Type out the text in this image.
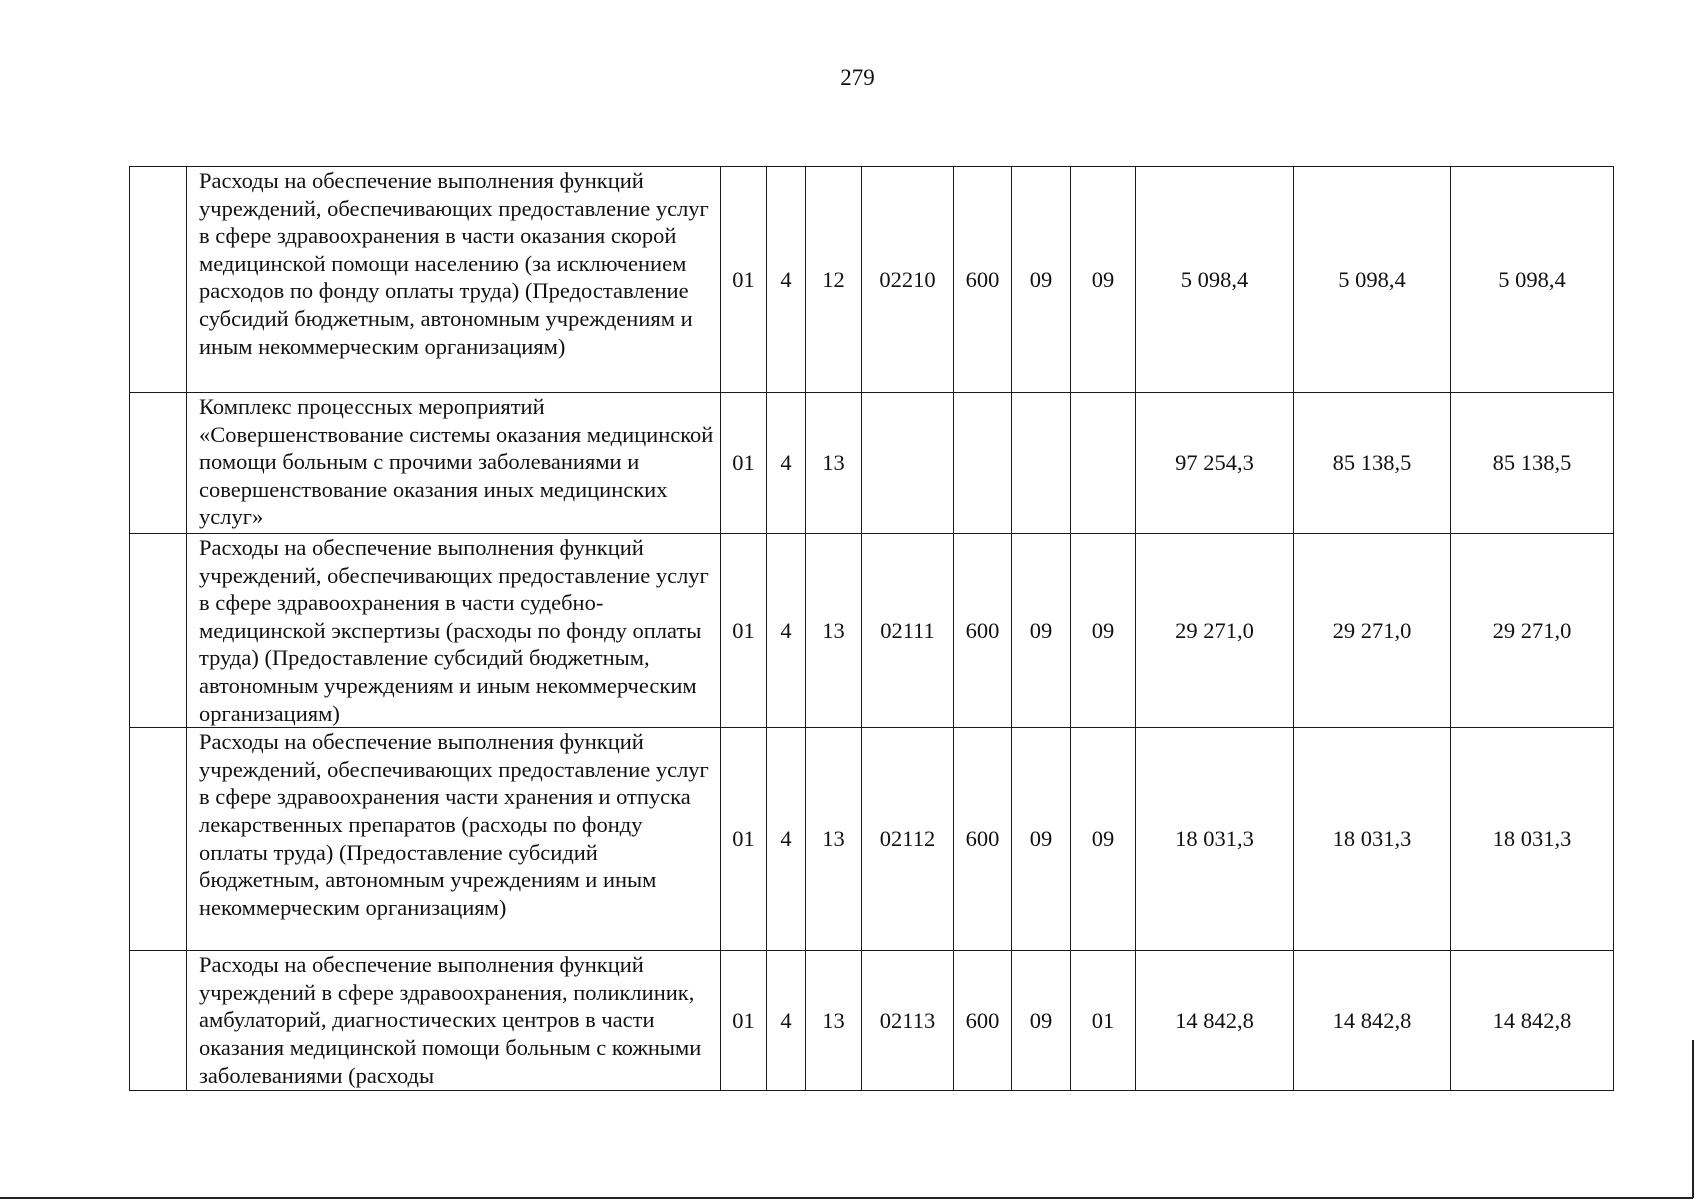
279
	Расходы на обеспечение выполнения функций учреждений, обеспечивающих предоставление услуг в сфере здравоохранения в части оказания скорой медицинской помощи населению (за исключением расходов по фонду оплаты труда) (Предоставление субсидий бюджетным, автономным учреждениям и иным некоммерческим организациям)	01	4	12	02210	600	09	09	5 098,4	5 098,4	5 098,4
	Комплекс процессных мероприятий «Совершенствование системы оказания медицинской помощи больным с прочими заболеваниями и совершенствование оказания иных медицинских услуг»	01	4	13					97 254,3	85 138,5	85 138,5
	Расходы на обеспечение выполнения функций учреждений, обеспечивающих предоставление услуг в сфере здравоохранения в части судебно-медицинской экспертизы (расходы по фонду оплаты труда) (Предоставление субсидий бюджетным, автономным учреждениям и иным некоммерческим организациям)	01	4	13	02111	600	09	09	29 271,0	29 271,0	29 271,0
	Расходы на обеспечение выполнения функций учреждений, обеспечивающих предоставление услуг в сфере здравоохранения части хранения и отпуска лекарственных препаратов (расходы по фонду оплаты труда) (Предоставление субсидий бюджетным, автономным учреждениям и иным некоммерческим организациям)	01	4	13	02112	600	09	09	18 031,3	18 031,3	18 031,3
	Расходы на обеспечение выполнения функций учреждений в сфере здравоохранения, поликлиник, амбулаторий, диагностических центров в части оказания медицинской помощи больным с кожными заболеваниями (расходы	01	4	13	02113	600	09	01	14 842,8	14 842,8	14 842,8
